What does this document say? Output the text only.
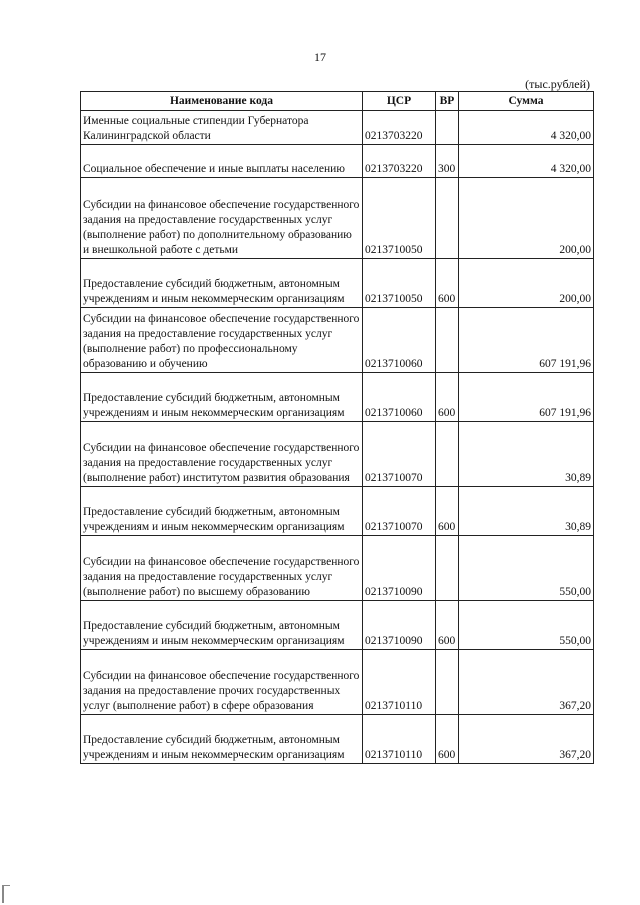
17
(тыс.рублей)
Наименование кода	ЦСР	ВР	Сумма
Именные социальные стипендии Губернатора Калининградской области	0213703220		4 320,00
Социальное обеспечение и иные выплаты населению	0213703220	300	4 320,00
Субсидии на финансовое обеспечение государственного задания на предоставление государственных услуг (выполнение работ) по дополнительному образованию и внешкольной работе с детьми	0213710050		200,00
Предоставление субсидий бюджетным, автономным учреждениям и иным некоммерческим организациям	0213710050	600	200,00
Субсидии на финансовое обеспечение государственного задания на предоставление государственных услуг (выполнение работ) по профессиональному образованию и обучению	0213710060		607 191,96
Предоставление субсидий бюджетным, автономным учреждениям и иным некоммерческим организациям	0213710060	600	607 191,96
Субсидии на финансовое обеспечение государственного задания на предоставление государственных услуг (выполнение работ) институтом развития образования	0213710070		30,89
Предоставление субсидий бюджетным, автономным учреждениям и иным некоммерческим организациям	0213710070	600	30,89
Субсидии на финансовое обеспечение государственного задания на предоставление государственных услуг (выполнение работ) по высшему образованию	0213710090		550,00
Предоставление субсидий бюджетным, автономным учреждениям и иным некоммерческим организациям	0213710090	600	550,00
Субсидии на финансовое обеспечение государственного задания на предоставление прочих государственных услуг (выполнение работ) в сфере образования	0213710110		367,20
Предоставление субсидий бюджетным, автономным учреждениям и иным некоммерческим организациям	0213710110	600	367,20
